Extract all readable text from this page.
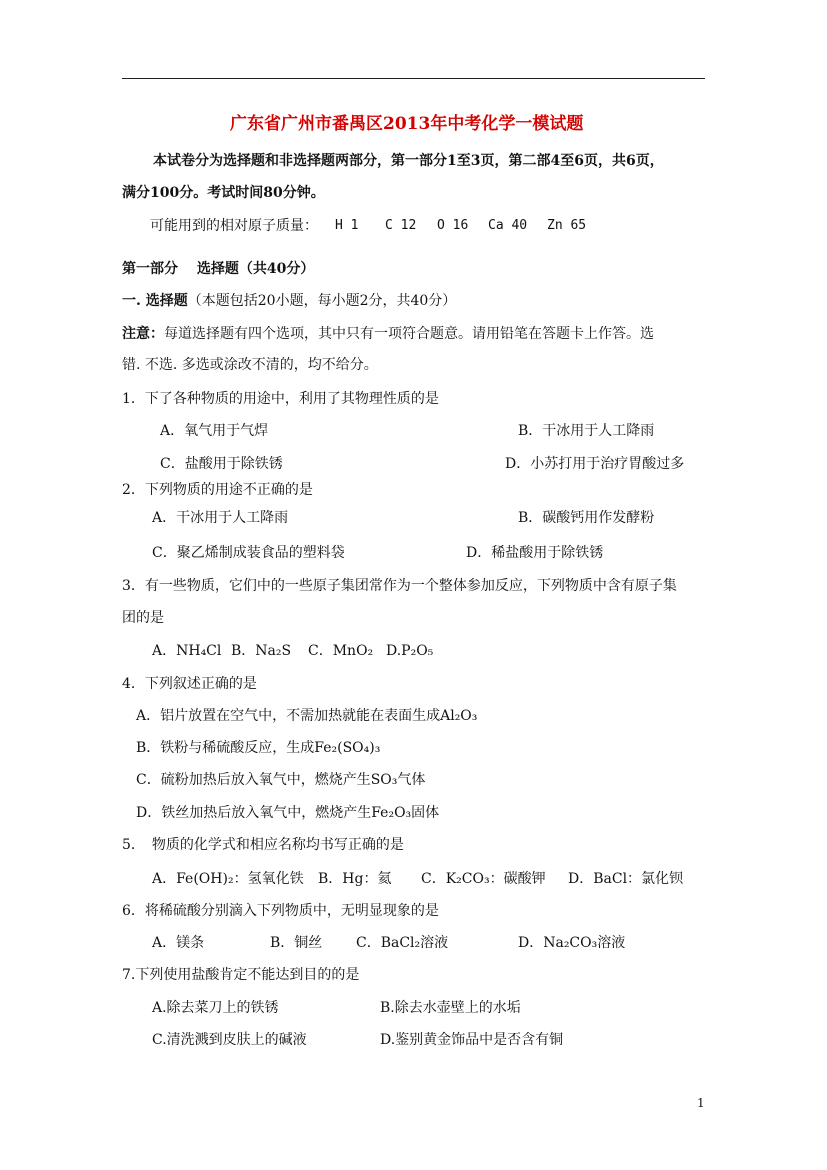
广东省广州市番禺区2013年中考化学一模试题
本试卷分为选择题和非选择题两部分，第一部分1至3页，第二部4至6页，共6页，
满分100分。考试时间80分钟。
可能用到的相对原子质量： H 1 C 12 O 16 Ca 40 Zn 65
第一部分　 选择题（共40分）
一. 选择题（本题包括20小题，每小题2分，共40分）
注意：每道选择题有四个选项，其中只有一项符合题意。请用铅笔在答题卡上作答。选
错. 不选. 多选或涂改不清的，均不给分。
1．下了各种物质的用途中，利用了其物理性质的是
A．氧气用于气焊	B．干冰用于人工降雨
C．盐酸用于除铁锈	D．小苏打用于治疗胃酸过多
2．下列物质的用途不正确的是
A．干冰用于人工降雨	B．碳酸钙用作发酵粉
C．聚乙烯制成装食品的塑料袋	D．稀盐酸用于除铁锈
3．有一些物质，它们中的一些原子集团常作为一个整体参加反应，下列物质中含有原子集
团的是
A．NH₄Cl B．Na₂S C．MnO₂ D.P₂O₅
4．下列叙述正确的是
A．铝片放置在空气中，不需加热就能在表面生成Al₂O₃
B．铁粉与稀硫酸反应，生成Fe₂(SO₄)₃
C．硫粉加热后放入氧气中，燃烧产生SO₃气体
D．铁丝加热后放入氧气中，燃烧产生Fe₂O₃固体
5．　物质的化学式和相应名称均书写正确的是
A．Fe(OH)₂：氢氧化铁 B．Hg：氦 C．K₂CO₃：碳酸钾 D．BaCl：氯化钡
6．将稀硫酸分别滴入下列物质中，无明显现象的是
A．镁条	B．铜丝 C．BaCl₂溶液	D．Na₂CO₃溶液
7.下列使用盐酸肯定不能达到目的的是
A.除去菜刀上的铁锈	B.除去水壶壁上的水垢
C.清洗溅到皮肤上的碱液	D.鉴别黄金饰品中是否含有铜
1
